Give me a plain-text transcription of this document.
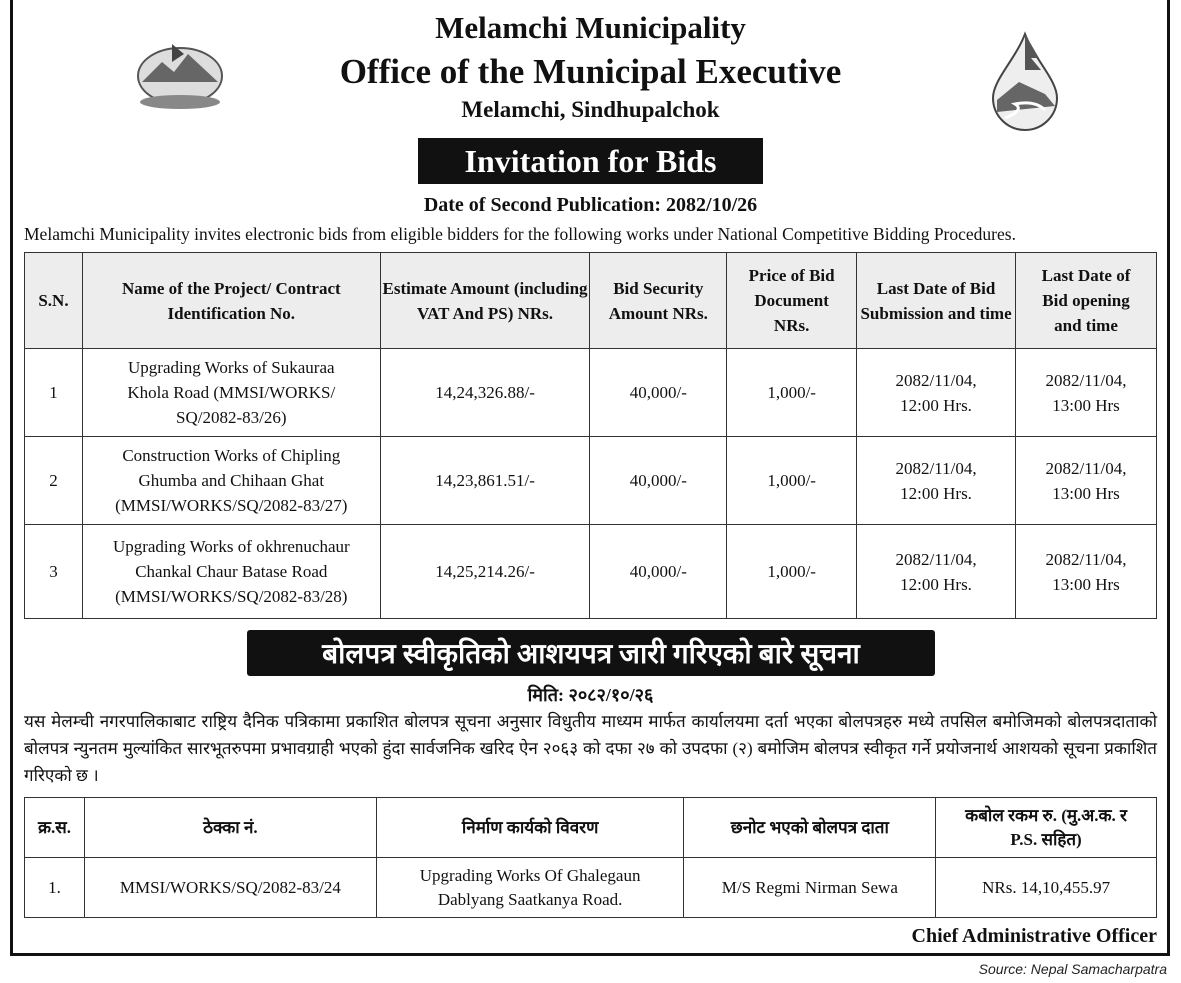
Melamchi Municipality
Office of the Municipal Executive
Melamchi, Sindhupalchok
Invitation for Bids
Date of Second Publication: 2082/10/26
Melamchi Municipality invites electronic bids from eligible bidders for the following works under National Competitive Bidding Procedures.
S.N.	Name of the Project/ Contract Identification No.	Estimate Amount (including VAT And PS) NRs.	Bid Security Amount NRs.	Price of Bid Document NRs.	Last Date of Bid Submission and time	Last Date of Bid opening and time
1	Upgrading Works of Sukauraa Khola Road (MMSI/WORKS/ SQ/2082-83/26)	14,24,326.88/-	40,000/-	1,000/-	2082/11/04, 12:00 Hrs.	2082/11/04, 13:00 Hrs
2	Construction Works of Chipling Ghumba and Chihaan Ghat (MMSI/WORKS/SQ/2082-83/27)	14,23,861.51/-	40,000/-	1,000/-	2082/11/04, 12:00 Hrs.	2082/11/04, 13:00 Hrs
3	Upgrading Works of okhrenuchaur Chankal Chaur Batase Road (MMSI/WORKS/SQ/2082-83/28)	14,25,214.26/-	40,000/-	1,000/-	2082/11/04, 12:00 Hrs.	2082/11/04, 13:00 Hrs
बोलपत्र स्वीकृतिको आशयपत्र जारी गरिएको बारे सूचना
मिति: २०८२/१०/२६
यस मेलम्ची नगरपालिकाबाट राष्ट्रिय दैनिक पत्रिकामा प्रकाशित बोलपत्र सूचना अनुसार विधुतीय माध्यम मार्फत कार्यालयमा दर्ता भएका बोलपत्रहरु मध्ये तपसिल बमोजिमको बोलपत्रदाताको बोलपत्र न्युनतम मुल्यांकित सारभूतरुपमा प्रभावग्राही भएको हुंदा सार्वजनिक खरिद ऐन २०६३ को दफा २७ को उपदफा (२) बमोजिम बोलपत्र स्वीकृत गर्ने प्रयोजनार्थ आशयको सूचना प्रकाशित गरिएको छ ।
क्र.स.	ठेक्का नं.	निर्माण कार्यको विवरण	छनोट भएको बोलपत्र दाता	कबोल रकम रु. (मु.अ.क. र P.S. सहित)
1.	MMSI/WORKS/SQ/2082-83/24	Upgrading Works Of Ghalegaun Dablyang Saatkanya Road.	M/S Regmi Nirman Sewa	NRs. 14,10,455.97
Chief Administrative Officer
Source: Nepal Samacharpatra
